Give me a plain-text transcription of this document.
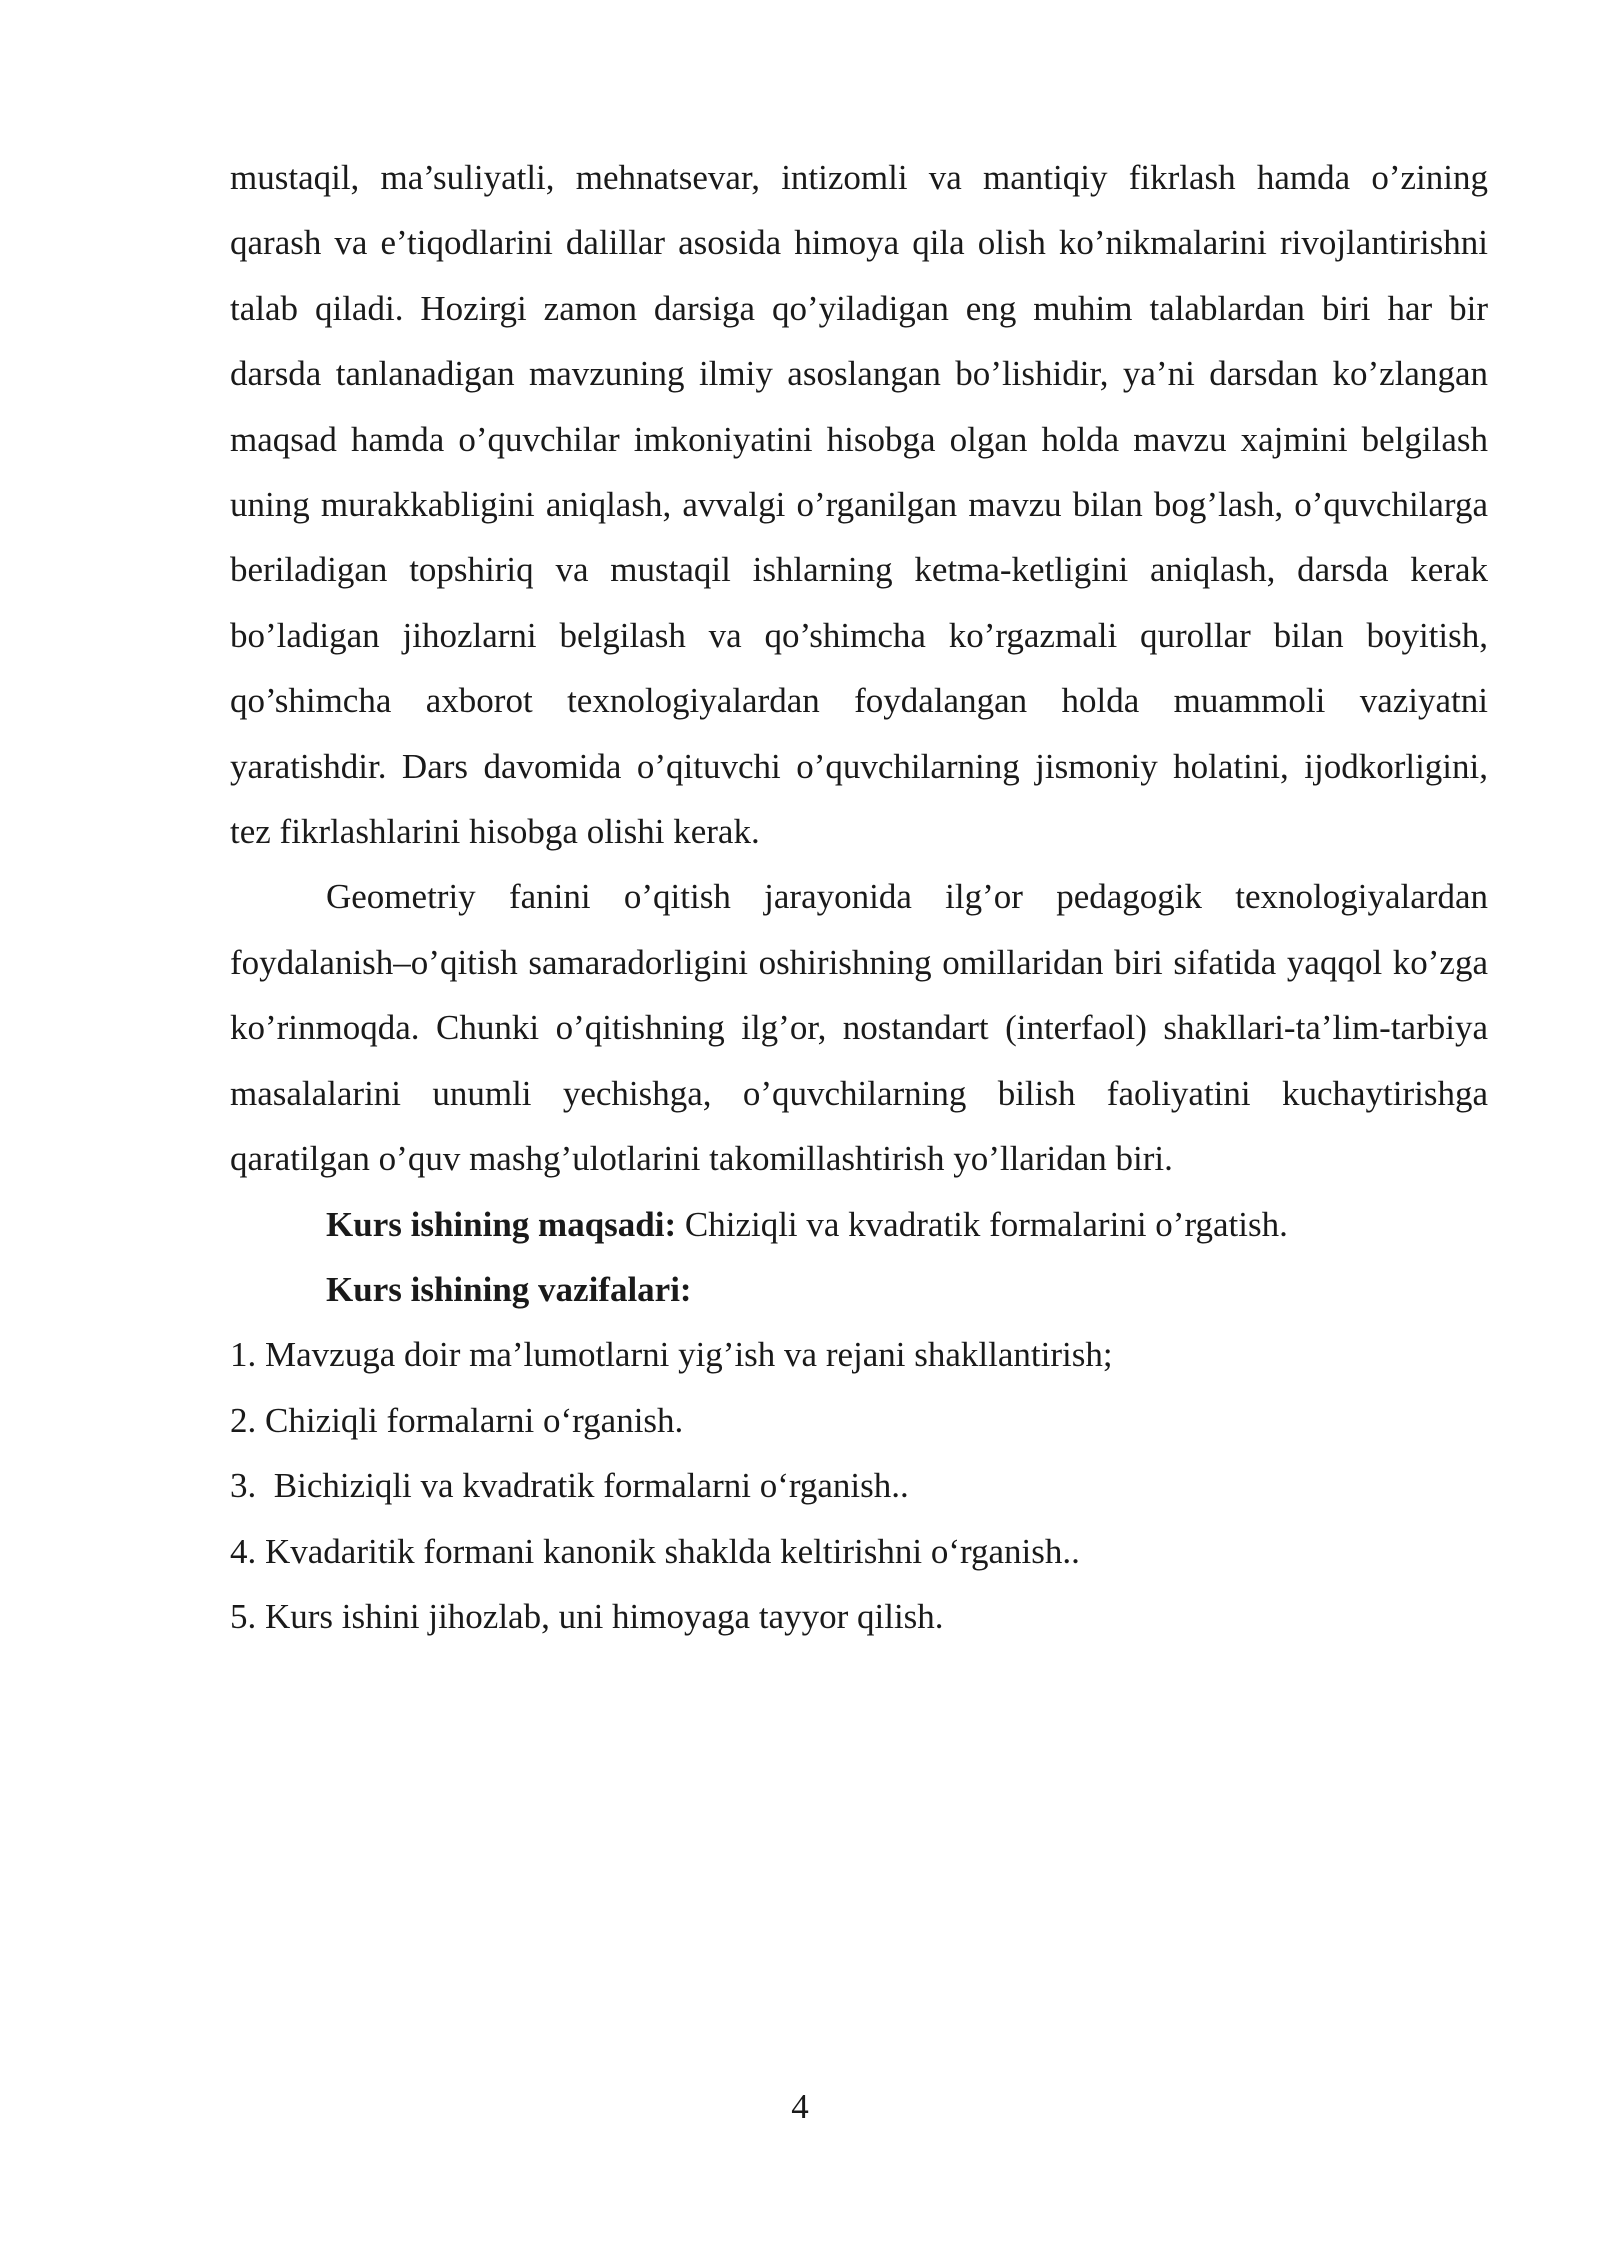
mustaqil, ma’suliyatli, mehnatsevar, intizomli va mantiqiy fikrlash hamda o’zining qarash va e’tiqodlarini dalillar asosida himoya qila olish ko’nikmalarini rivojlantirishni talab qiladi. Hozirgi zamon darsiga qo’yiladigan eng muhim talablardan biri har bir darsda tanlanadigan mavzuning ilmiy asoslangan bo’lishidir, ya’ni darsdan ko’zlangan maqsad hamda o’quvchilar imkoniyatini hisobga olgan holda mavzu xajmini belgilash uning murakkabligini aniqlash, avvalgi o’rganilgan mavzu bilan bog’lash, o’quvchilarga beriladigan topshiriq va mustaqil ishlarning ketma-ketligini aniqlash, darsda kerak bo’ladigan jihozlarni belgilash va qo’shimcha ko’rgazmali qurollar bilan boyitish, qo’shimcha axborot texnologiyalardan foydalangan holda muammoli vaziyatni yaratishdir. Dars davomida o’qituvchi o’quvchilarning jismoniy holatini, ijodkorligini, tez fikrlashlarini hisobga olishi kerak.

Geometriy fanini o’qitish jarayonida ilg’or pedagogik texnologiyalardan foydalanish–o’qitish samaradorligini oshirishning omillaridan biri sifatida yaqqol ko’zga ko’rinmoqda. Chunki o’qitishning ilg’or, nostandart (interfaol) shakllari-ta’lim-tarbiya masalalarini unumli yechishga, o’quvchilarning bilish faoliyatini kuchaytirishga qaratilgan o’quv mashg’ulotlarini takomillashtirish yo’llaridan biri.

Kurs ishining maqsadi: Chiziqli va kvadratik formalarini o’rgatish.

Kurs ishining vazifalari:

1. Mavzuga doir ma’lumotlarni yig’ish va rejani shakllantirish;
2. Chiziqli formalarni o‘rganish.
3.  Bichiziqli va kvadratik formalarni o‘rganish..
4. Kvadaritik formani kanonik shaklda keltirishni o‘rganish..
5. Kurs ishini jihozlab, uni himoyaga tayyor qilish.
4
